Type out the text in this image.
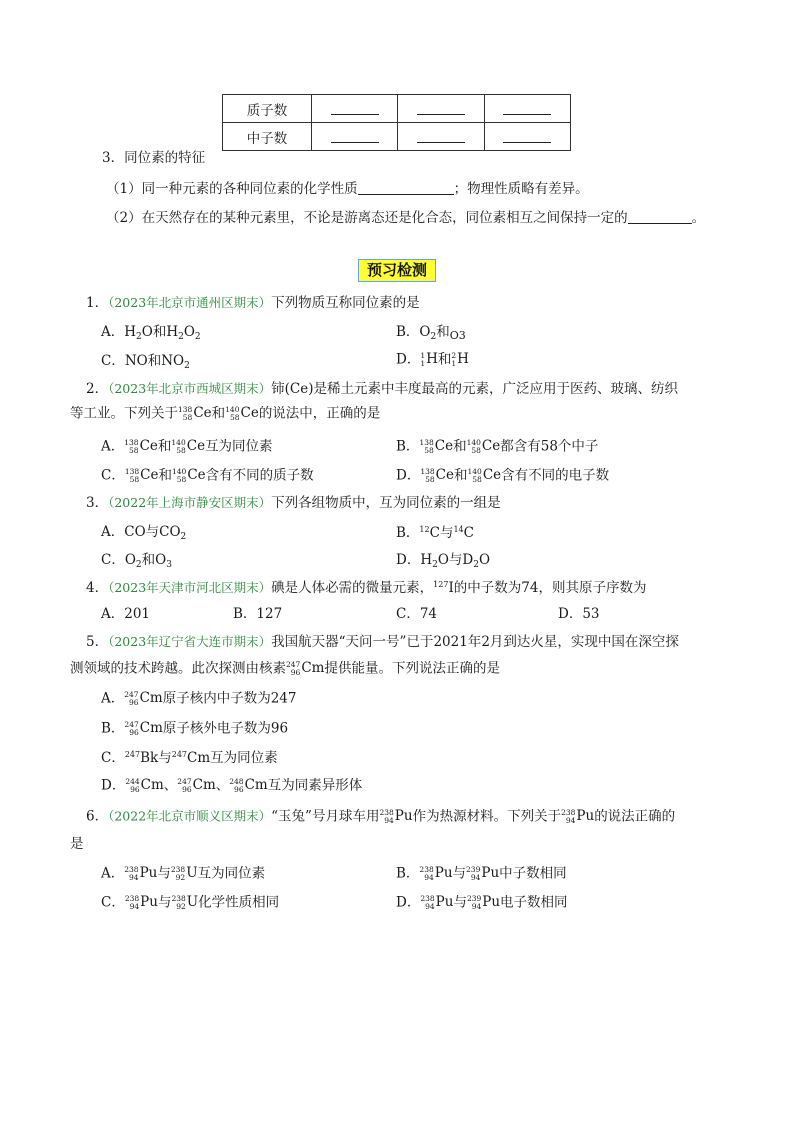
质子数			
中子数			
3．同位素的特征
（1）同一种元素的各种同位素的化学性质	；物理性质略有差异。
（2）在天然存在的某种元素里，不论是游离态还是化合态，同位素相互之间保持一定的	。
预习检测
1．（2023年北京市通州区期末）下列物质互称同位素的是
A．$H_2O$和$H_2O_2$	B．$O_2$和$_{O3}$
C．NO和$NO_2$	D． 1
1 H 和 2
1 H
2．（2023年北京市西城区期末）铈(Ce)是稀土元素中丰度最高的元素，广泛应用于医药、玻璃、纺织
等工业。下列关于 138
58 Ce 和 140
58 Ce 的说法中，正确的是
A． 138
58 Ce 和 140
58 Ce 互为同位素	B． 138
58 Ce 和 140
58 Ce 都含有58个中子
C． 138
58 Ce 和 140
58 Ce 含有不同的质子数	D． 138
58 Ce 和 140
58 Ce 含有不同的电子数
3．（2022年上海市静安区期末）下列各组物质中，互为同位素的一组是
A．CO与$CO_2$	B．$^{12}$C与$^{14}$C
C．$O_2$和$O_3$	D．$H_2O$与$D_2O$
4．（2023年天津市河北区期末）碘是人体必需的微量元素，$^{127}$I的中子数为74，则其原子序数为
A．201	B．127	C．74	D．53
5．（2023年辽宁省大连市期末）我国航天器“天问一号”已于2021年2月到达火星，实现中国在深空探
测领域的技术跨越。此次探测由核素 247
96 Cm 提供能量。下列说法正确的是
A． 247
96 Cm 原子核内中子数为247
B． 247
96 Cm 原子核外电子数为96
C．$^{247}$Bk与$^{247}$Cm互为同位素
D． 244
96 Cm 、 247
96 Cm 、 248
96 Cm 互为同素异形体
6．（2022年北京市顺义区期末）“玉兔”号月球车用 238
94 Pu 作为热源材料。下列关于 238
94 Pu 的说法正确的
是
A． 238
94 Pu 与 238
92 U 互为同位素	B． 238
94 Pu 与 239
94 Pu 中子数相同
C． 238
94 Pu 与 238
92 U 化学性质相同	D． 238
94 Pu 与 239
94 Pu 电子数相同
